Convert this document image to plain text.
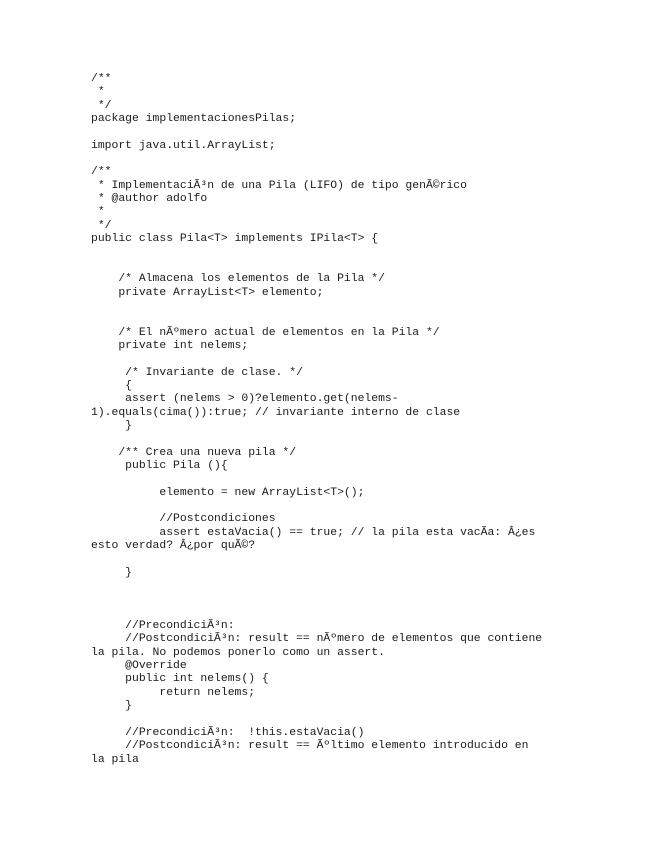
/**
*
*/
package implementacionesPilas;
import java.util.ArrayList;
/**
* ImplementaciÃ³n de una Pila (LIFO) de tipo genÃ©rico
* @author adolfo
*
*/
public class Pila<T> implements IPila<T> {
/* Almacena los elementos de la Pila */
private ArrayList<T> elemento;
/* El nÃºmero actual de elementos en la Pila */
private int nelems;
/* Invariante de clase. */
{
assert (nelems > 0)?elemento.get(nelems-
1).equals(cima()):true; // invariante interno de clase
}
/** Crea una nueva pila */
public Pila (){
elemento = new ArrayList<T>();
//Postcondiciones
assert estaVacia() == true; // la pila esta vacÃa: Â¿es
esto verdad? Â¿por quÃ©?
}
//PrecondiciÃ³n:
//PostcondiciÃ³n: result == nÃºmero de elementos que contiene
la pila. No podemos ponerlo como un assert.
@Override
public int nelems() {
return nelems;
}
//PrecondiciÃ³n:  !this.estaVacia()
//PostcondiciÃ³n: result == Ãºltimo elemento introducido en
la pila
